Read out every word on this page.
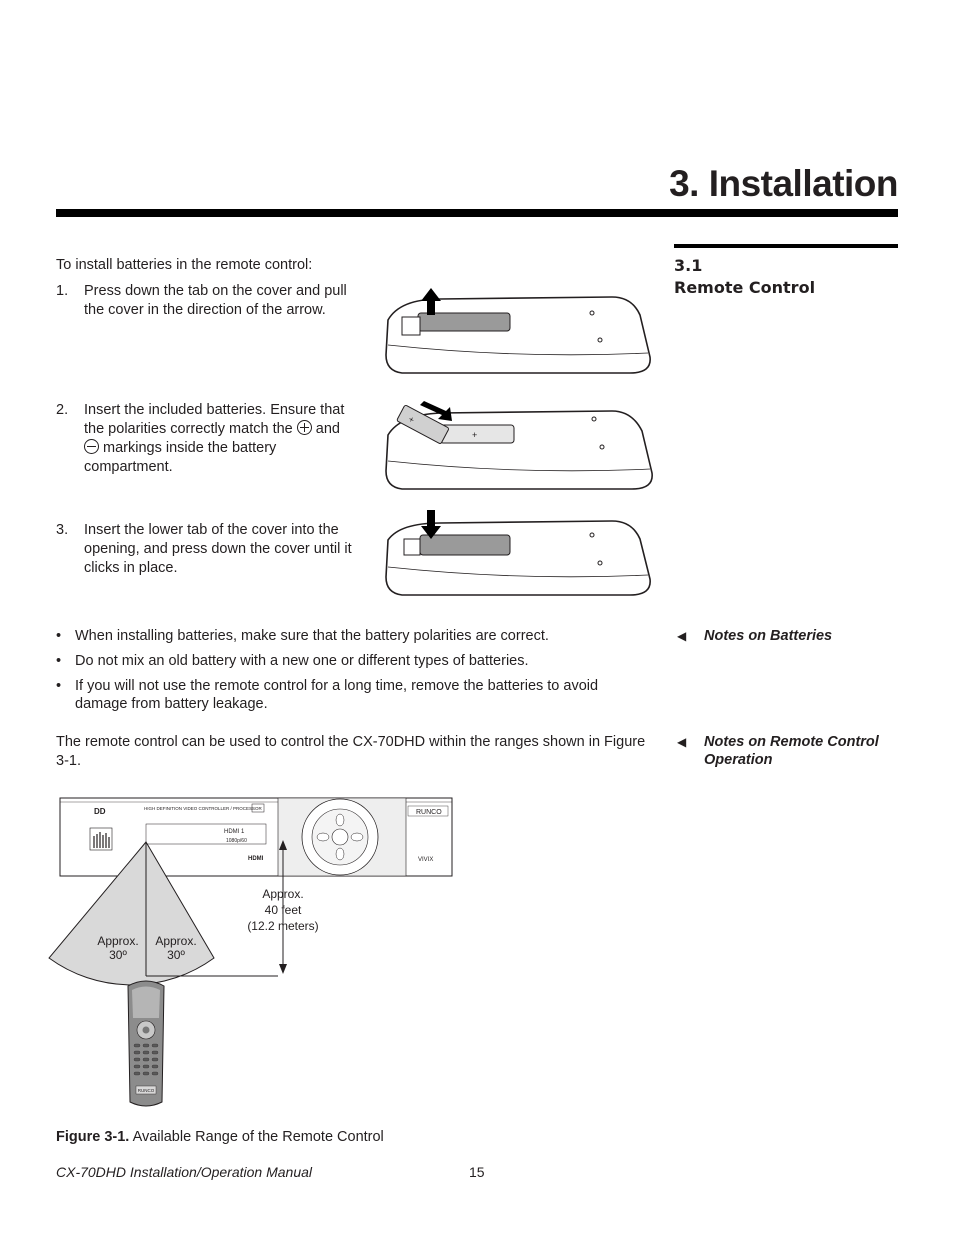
3. Installation
3.1
Remote Control
To install batteries in the remote control:
1. Press down the tab on the cover and pull the cover in the direction of the arrow.
2. Insert the included batteries. Ensure that the polarities correctly match the and
markings inside the battery compartment.
3. Insert the lower tab of the cover into the opening, and press down the cover until it clicks in place.
+
+
• When installing batteries, make sure that the battery polarities are correct.
• Do not mix an old battery with a new one or different types of batteries.
• If you will not use the remote control for a long time, remove the batteries to avoid damage from battery leakage.
◀ Notes on Batteries
The remote control can be used to control the CX-70DHD within the ranges shown in Figure 3-1.
◀ Notes on Remote Control Operation
DD	HIGH DEFINITION VIDEO CONTROLLER / PROCESSOR
HDMI 1
1080p/60
HDMI
RUNCO
VIVIX
Approx.
30º
Approx.
30º
Approx.
40 feet
(12.2 meters)
RUNCO
Figure 3-1. Available Range of the Remote Control
CX-70DHD Installation/Operation Manual	15
